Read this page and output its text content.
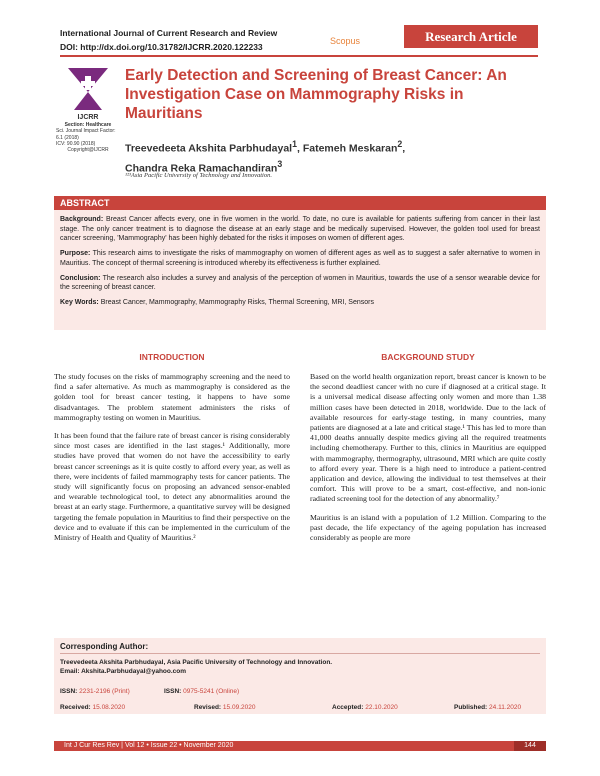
International Journal of Current Research and Review
DOI: http://dx.doi.org/10.31782/IJCRR.2020.122233
Scopus	Research Article
IJCRR
Section: Healthcare
Sci. Journal Impact Factor: 6.1 (2018)
ICV: 90.90 (2018)
Copyright@IJCRR
Early Detection and Screening of Breast Cancer: An Investigation Case on Mammography Risks in Mauritians
Treevedeeta Akshita Parbhudayal$^1$, Fatemeh Meskaran$^2$,
Chandra Reka Ramachandiran$^3$
¹²³Asia Pacific University of Technology and Innovation.
ABSTRACT

Background: Breast Cancer affects every, one in five women in the world. To date, no cure is available for patients suffering from cancer in their last stage. The only cancer treatment is to diagnose the disease at an early stage and be medically supervised. However, the golden tool used for breast cancer screening, 'Mammography' has been highly debated for the risks it imposes on women of different ages.

Purpose: This research aims to investigate the risks of mammography on women of different ages as well as to suggest a safer alternative to women in Mauritius. The concept of thermal screening is introduced whereby its effectiveness is further explained.

Conclusion: The research also includes a survey and analysis of the perception of women in Mauritius, towards the use of a sensor wearable device for the screening of breast cancer.

Key Words: Breast Cancer, Mammography, Mammography Risks, Thermal Screening, MRI, Sensors

INTRODUCTION	BACKGROUND STUDY

The study focuses on the risks of mammography screening and the need to find a safer alternative. As much as mammography is considered as the golden tool for breast cancer testing, it happens to have some disadvantages. The problem statement administers the risks of mammography testing on women in Mauritius.

It has been found that the failure rate of breast cancer is rising considerably since most cases are identified in the last stages.¹ Additionally, more studies have proved that women do not have the accessibility to early breast cancer screenings as it is quite costly to afford every year, as well as there, were incidents of failed mammography tests for cancer patients. The study will significantly focus on proposing an advanced sensor-enabled and wearable technological tool, to detect any abnormalities around the breast at an early stage. Furthermore, a quantitative survey will be designed targeting the female population in Mauritius to find their perspective on the device and to evaluate if this can be implemented in the curriculum of the Ministry of Health and Quality of Mauritius.²

Based on the world health organization report, breast cancer is known to be the second deadliest cancer with no cure if diagnosed at a critical stage. It is a universal medical disease affecting only women and more than 1.38 million cases have been detected in 2018, worldwide. Due to the lack of available resources for early-stage testing, in many countries, many patients are diagnosed at a late and critical stage.¹ This has led to more than 41,000 deaths annually despite medics giving all the required treatments including chemotherapy. Further to this, clinics in Mauritius are equipped with mammography, thermography, ultrasound, MRI which are quite costly to afford every year. There is a high need to introduce a patient-centred application and device, allowing the individual to test themselves at their comfort. This will prove to be a smart, cost-effective, and non-ionic radiated screening tool for the detection of any abnormality.⁷

Mauritius is an island with a population of 1.2 Million. Comparing to the past decade, the life expectancy of the ageing population has increased considerably as people are more

Corresponding Author:
Treevedeeta Akshita Parbhudayal, Asia Pacific University of Technology and Innovation.
Email: Akshita.Parbhudayal@yahoo.com
ISSN: 2231-2196 (Print)	ISSN: 0975-5241 (Online)
Received: 15.08.2020	Revised: 15.09.2020	Accepted: 22.10.2020	Published: 24.11.2020
Int J Cur Res Rev | Vol 12 • Issue 22 • November 2020	144
